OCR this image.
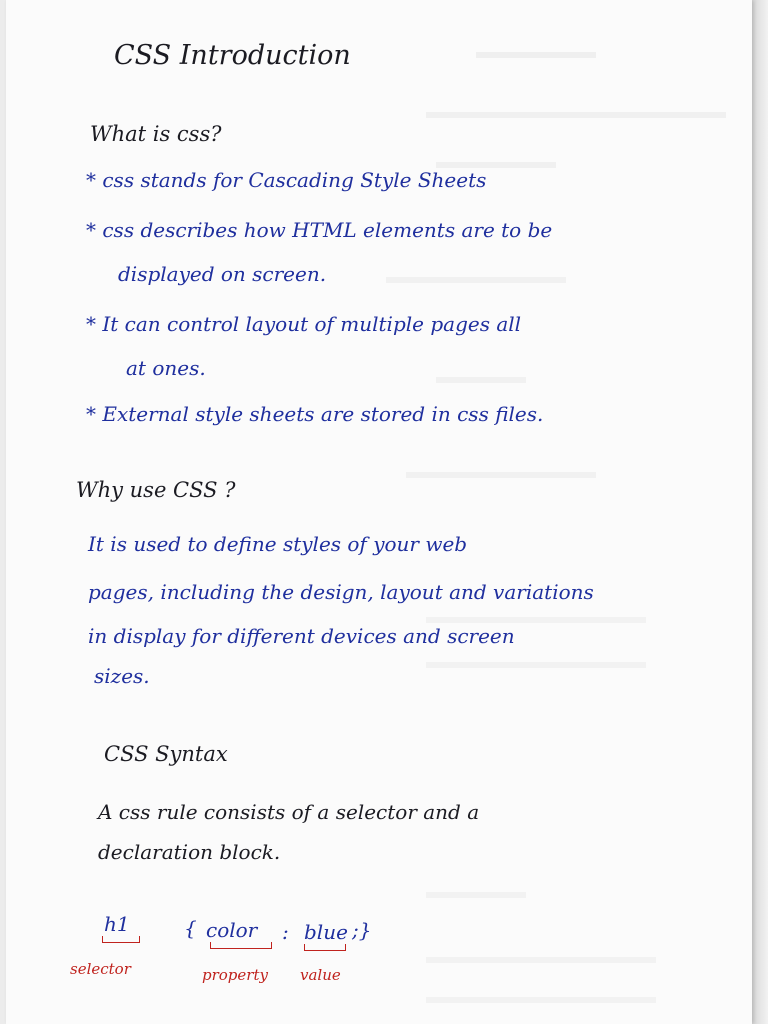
CSS Introduction
What is css?
* css stands for Cascading Style Sheets
* css describes how HTML elements are to be
displayed on screen.
* It can control layout of multiple pages all
at ones.
* External style sheets are stored in css files.
Why use CSS ?
It is used to define styles of your web
pages, including the design, layout and variations
in display for different devices and screen
sizes.
CSS Syntax
A css rule consists of a selector and a
declaration block.
h1	{ color : blue ;}
selector	property value
